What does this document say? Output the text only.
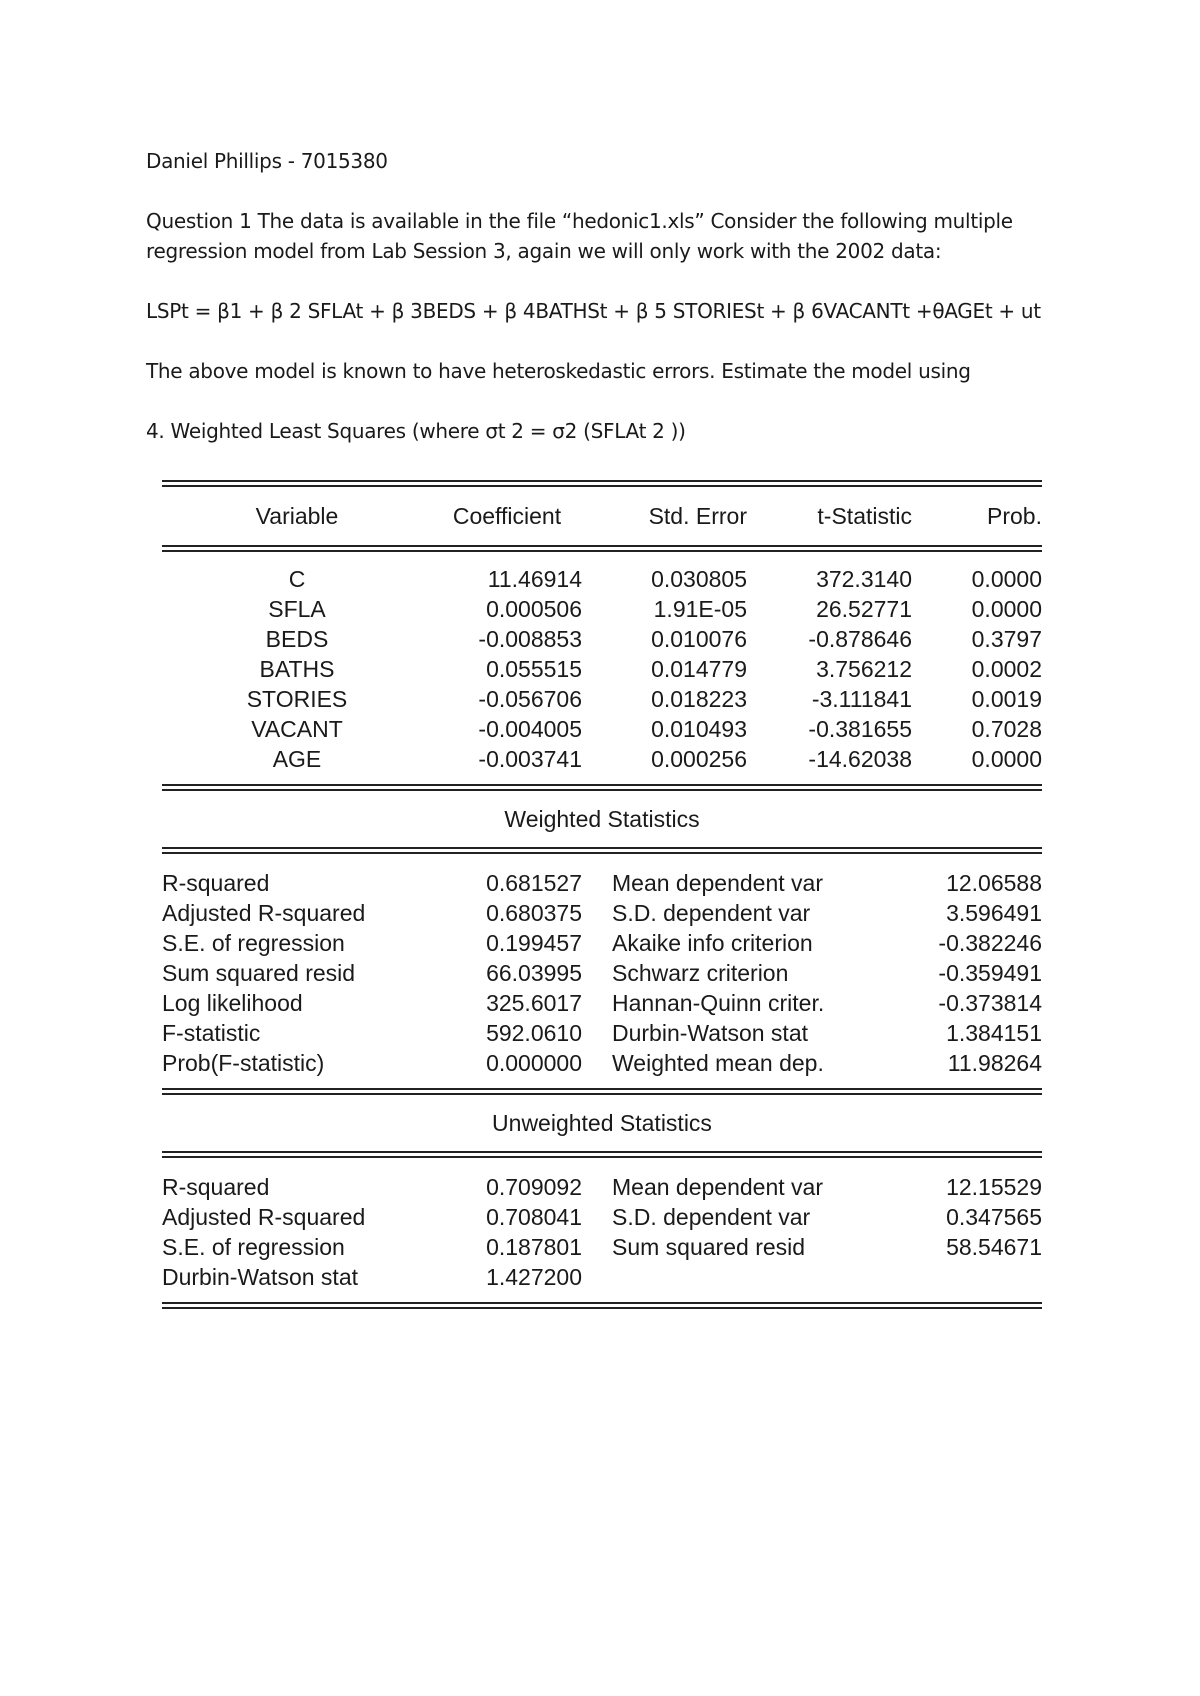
Daniel Phillips - 7015380
Question 1 The data is available in the file “hedonic1.xls” Consider the following multiple
regression model from Lab Session 3, again we will only work with the 2002 data:
LSPt = β1 + β 2 SFLAt + β 3BEDS + β 4BATHSt + β 5 STORIESt + β 6VACANTt +θAGEt + ut
The above model is known to have heteroskedastic errors. Estimate the model using
4. Weighted Least Squares (where σt 2 = σ2 (SFLAt 2 ))
Variable	Coefficient	Std. Error	t-Statistic	Prob.
C	11.46914	0.030805	372.3140	0.0000
SFLA	0.000506	1.91E-05	26.52771	0.0000
BEDS	-0.008853	0.010076	-0.878646	0.3797
BATHS	0.055515	0.014779	3.756212	0.0002
STORIES	-0.056706	0.018223	-3.111841	0.0019
VACANT	-0.004005	0.010493	-0.381655	0.7028
AGE	-0.003741	0.000256	-14.62038	0.0000
Weighted Statistics
R-squared	0.681527	Mean dependent var	12.06588
Adjusted R-squared	0.680375	S.D. dependent var	3.596491
S.E. of regression	0.199457	Akaike info criterion	-0.382246
Sum squared resid	66.03995	Schwarz criterion	-0.359491
Log likelihood	325.6017	Hannan-Quinn criter.	-0.373814
F-statistic	592.0610	Durbin-Watson stat	1.384151
Prob(F-statistic)	0.000000	Weighted mean dep.	11.98264
Unweighted Statistics
R-squared	0.709092	Mean dependent var	12.15529
Adjusted R-squared	0.708041	S.D. dependent var	0.347565
S.E. of regression	0.187801	Sum squared resid	58.54671
Durbin-Watson stat	1.427200
